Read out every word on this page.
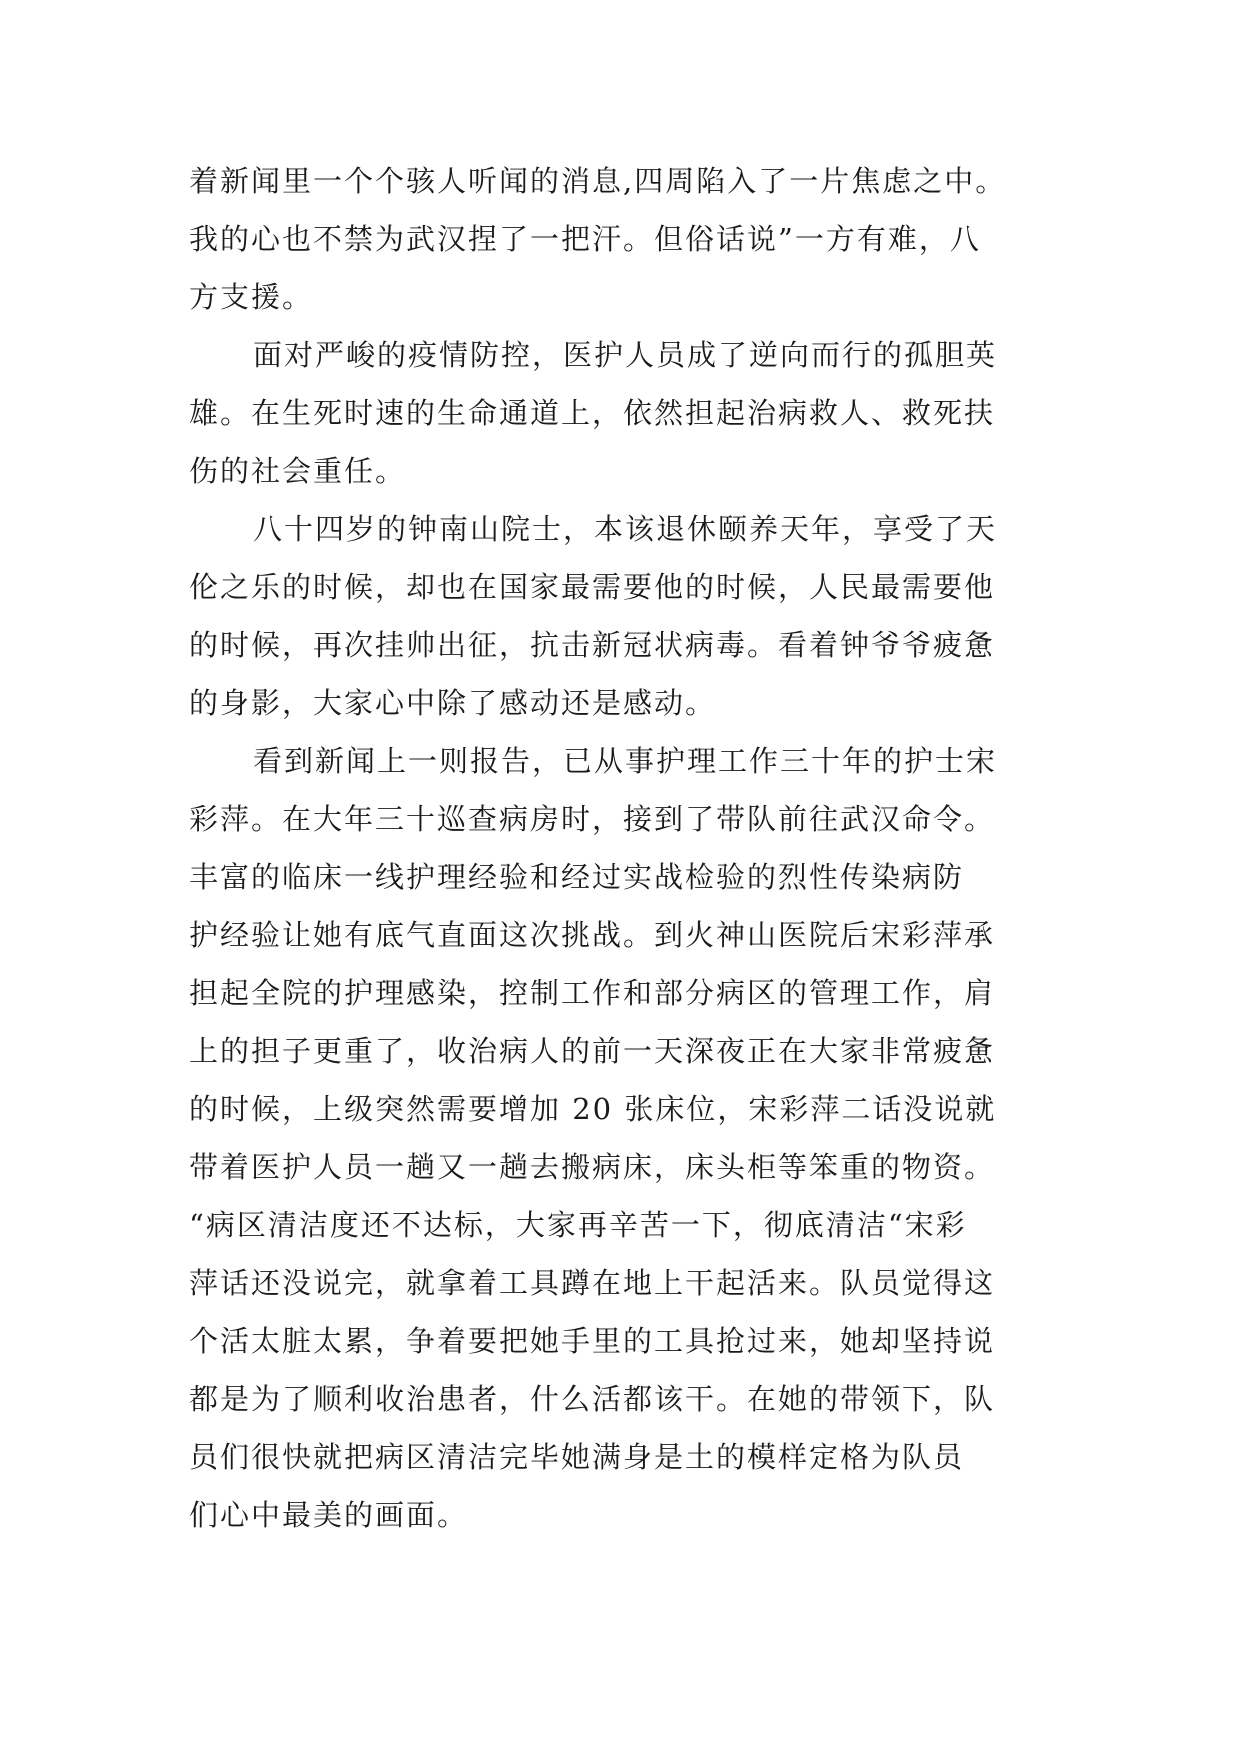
着新闻里一个个骇人听闻的消息,四周陷入了一片焦虑之中。
我的心也不禁为武汉捏了一把汗。但俗话说”一方有难，八
方支援。
面对严峻的疫情防控，医护人员成了逆向而行的孤胆英
雄。在生死时速的生命通道上，依然担起治病救人、救死扶
伤的社会重任。
八十四岁的钟南山院士，本该退休颐养天年，享受了天
伦之乐的时候，却也在国家最需要他的时候，人民最需要他
的时候，再次挂帅出征，抗击新冠状病毒。看着钟爷爷疲惫
的身影，大家心中除了感动还是感动。
看到新闻上一则报告，已从事护理工作三十年的护士宋
彩萍。在大年三十巡查病房时，接到了带队前往武汉命令。
丰富的临床一线护理经验和经过实战检验的烈性传染病防
护经验让她有底气直面这次挑战。到火神山医院后宋彩萍承
担起全院的护理感染，控制工作和部分病区的管理工作，肩
上的担子更重了，收治病人的前一天深夜正在大家非常疲惫
的时候，上级突然需要增加 20 张床位，宋彩萍二话没说就
带着医护人员一趟又一趟去搬病床，床头柜等笨重的物资。
“病区清洁度还不达标，大家再辛苦一下，彻底清洁“宋彩
萍话还没说完，就拿着工具蹲在地上干起活来。队员觉得这
个活太脏太累，争着要把她手里的工具抢过来，她却坚持说
都是为了顺利收治患者，什么活都该干。在她的带领下，队
员们很快就把病区清洁完毕她满身是土的模样定格为队员
们心中最美的画面。
